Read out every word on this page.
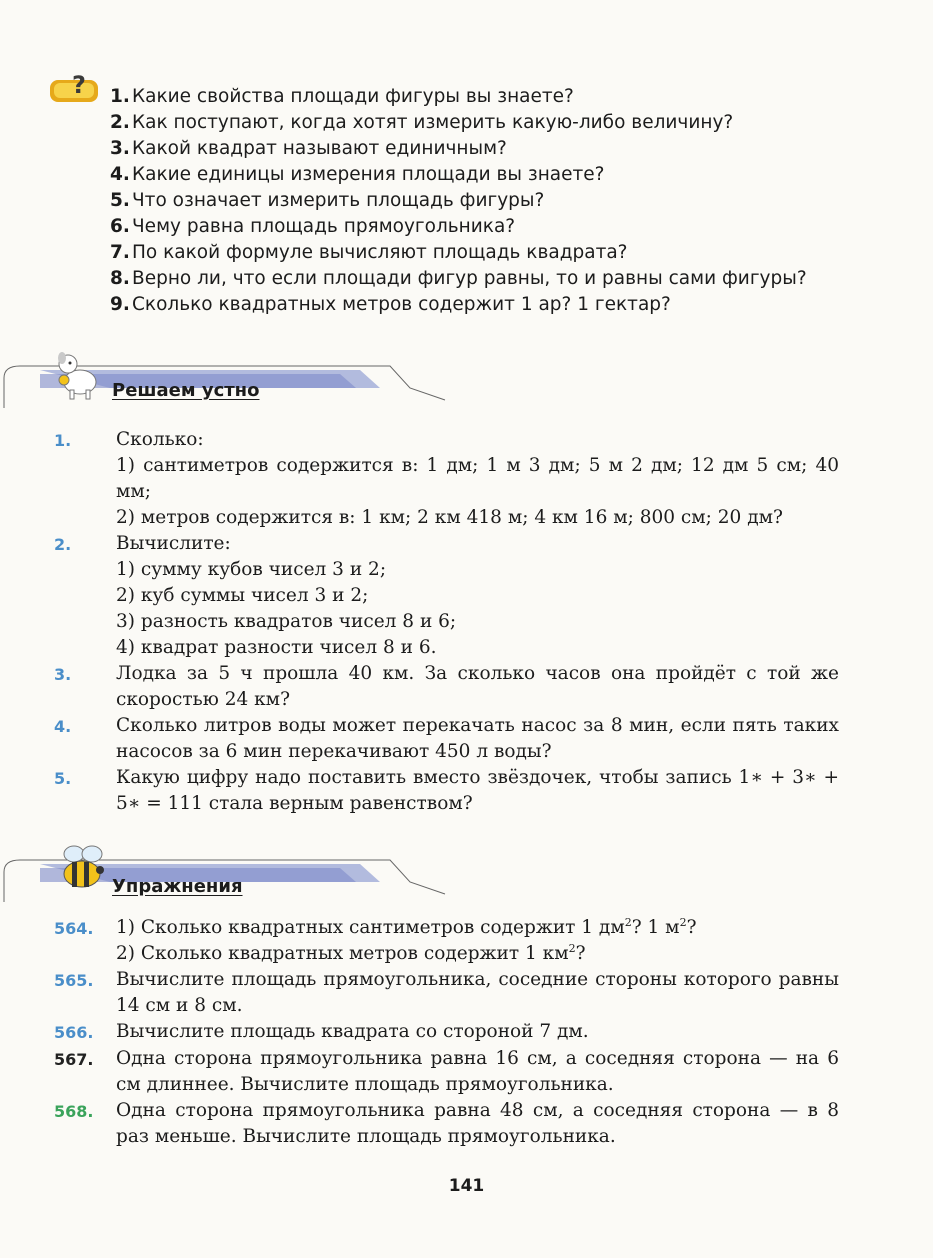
? 1. Какие свойства площади фигуры вы знаете?
2. Как поступают, когда хотят измерить какую-либо величину?
3. Какой квадрат называют единичным?
4. Какие единицы измерения площади вы знаете?
5. Что означает измерить площадь фигуры?
6. Чему равна площадь прямоугольника?
7. По какой формуле вычисляют площадь квадрата?
8. Верно ли, что если площади фигур равны, то и равны сами фигуры?
9. Сколько квадратных метров содержит 1 ар? 1 гектар?
Решаем устно
1.	Сколько:

1) сантиметров содержится в: 1 дм; 1 м 3 дм; 5 м 2 дм; 12 дм 5 см; 40 мм;

2) метров содержится в: 1 км; 2 км 418 м; 4 км 16 м; 800 см; 20 дм?

2.	Вычислите:

1) сумму кубов чисел 3 и 2;

2) куб суммы чисел 3 и 2;

3) разность квадратов чисел 8 и 6;

4) квадрат разности чисел 8 и 6.

3.	Лодка за 5 ч прошла 40 км. За сколько часов она пройдёт с той же скоростью 24 км?

4.	Сколько литров воды может перекачать насос за 8 мин, если пять таких насосов за 6 мин перекачивают 450 л воды?

5.	Какую цифру надо поставить вместо звёздочек, чтобы запись 1∗ + 3∗ + 5∗ = 111 стала верным равенством?

Упражнения
564.	1) Сколько квадратных сантиметров содержит 1 $дм^2$? 1 $м^2$?

2) Сколько квадратных метров содержит 1 $км^2$?

565.	Вычислите площадь прямоугольника, соседние стороны которого равны 14 см и 8 см.

566.	Вычислите площадь квадрата со стороной 7 дм.

567.	Одна сторона прямоугольника равна 16 см, а соседняя сторона — на 6 см длиннее. Вычислите площадь прямоугольника.

568.	Одна сторона прямоугольника равна 48 см, а соседняя сторона — в 8 раз меньше. Вычислите площадь прямоугольника.

141
